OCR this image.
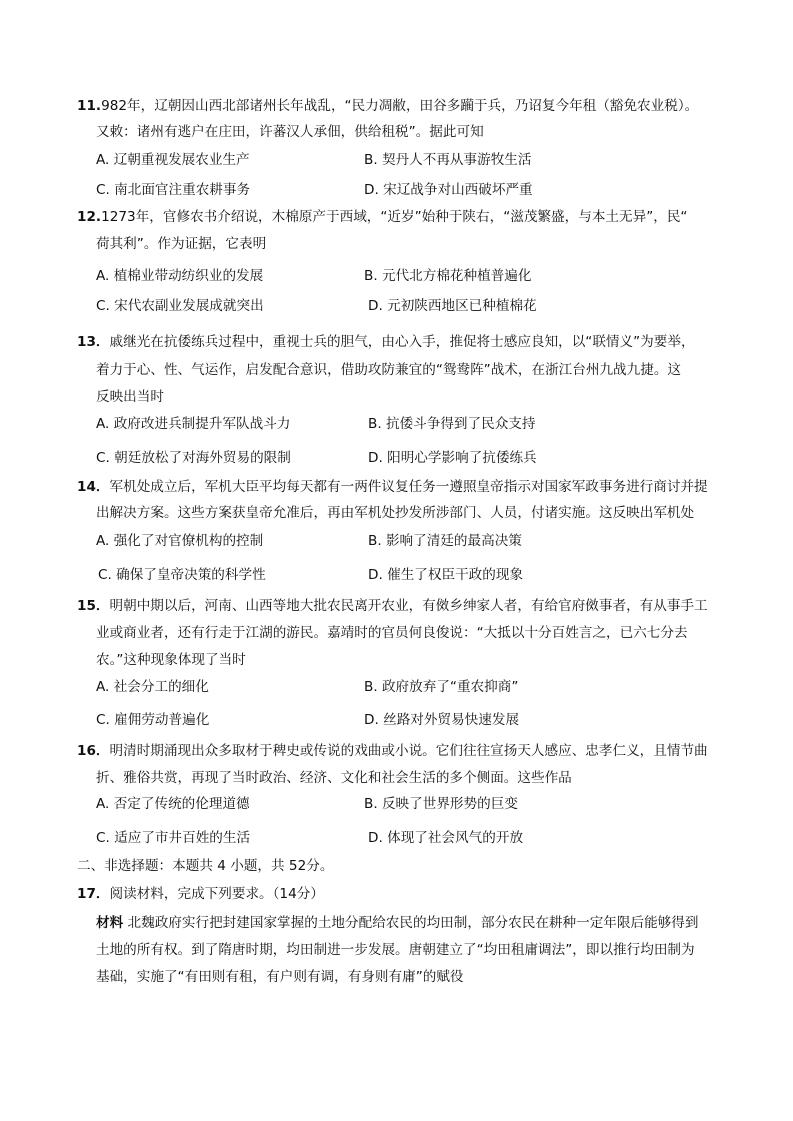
11.982年，辽朝因山西北部诸州长年战乱，“民力凋敝，田谷多躏于兵，乃诏复今年租（豁免农业税）。
又敕：诸州有逃户在庄田，许蕃汉人承佃，供给租税”。据此可知
A. 辽朝重视发展农业生产	B. 契丹人不再从事游牧生活
C. 南北面官注重农耕事务	D. 宋辽战争对山西破坏严重
12.1273年，官修农书介绍说，木棉原产于西域，“近岁”始种于陕右，“滋茂繁盛，与本土无异”，民“
荷其利”。作为证据，它表明
A. 植棉业带动纺织业的发展	B. 元代北方棉花种植普遍化
C. 宋代农副业发展成就突出	D. 元初陕西地区已种植棉花
13．戚继光在抗倭练兵过程中，重视士兵的胆气，由心入手，推促将士感应良知，以“联情义”为要举，
着力于心、性、气运作，启发配合意识，借助攻防兼宜的“鸳鸯阵”战术，在浙江台州九战九捷。这
反映出当时
A. 政府改进兵制提升军队战斗力	B. 抗倭斗争得到了民众支持
C. 朝廷放松了对海外贸易的限制	D. 阳明心学影响了抗倭练兵
14．军机处成立后，军机大臣平均每天都有一两件议复任务一遵照皇帝指示对国家军政事务进行商讨并提
出解决方案。这些方案获皇帝允准后，再由军机处抄发所涉部门、人员，付诸实施。这反映出军机处
A. 强化了对官僚机构的控制	B. 影响了清廷的最高决策
C. 确保了皇帝决策的科学性	D. 催生了权臣干政的现象
15．明朝中期以后，河南、山西等地大批农民离开农业，有傚乡绅家人者，有给官府傚事者，有从事手工
业或商业者，还有行走于江湖的游民。嘉靖时的官员何良俊说：“大抵以十分百姓言之，已六七分去
农。”这种现象体现了当时
A. 社会分工的细化	B. 政府放弃了“重农抑商”
C. 雇佣劳动普遍化	D. 丝路对外贸易快速发展
16．明清时期涌现出众多取材于稗史或传说的戏曲或小说。它们往往宣扬天人感应、忠孝仁义，且情节曲
折、雅俗共赏，再现了当时政治、经济、文化和社会生活的多个侧面。这些作品
A. 否定了传统的伦理道德	B. 反映了世界形势的巨变
C. 适应了市井百姓的生活	D. 体现了社会风气的开放
二、非选择题：本题共 4 小题，共 52分。
17．阅读材料，完成下列要求。（14分）
材料 北魏政府实行把封建国家掌握的土地分配给农民的均田制，部分农民在耕种一定年限后能够得到
土地的所有权。到了隋唐时期，均田制进一步发展。唐朝建立了“均田租庸调法”，即以推行均田制为
基础，实施了“有田则有租，有户则有调，有身则有庸”的赋役
